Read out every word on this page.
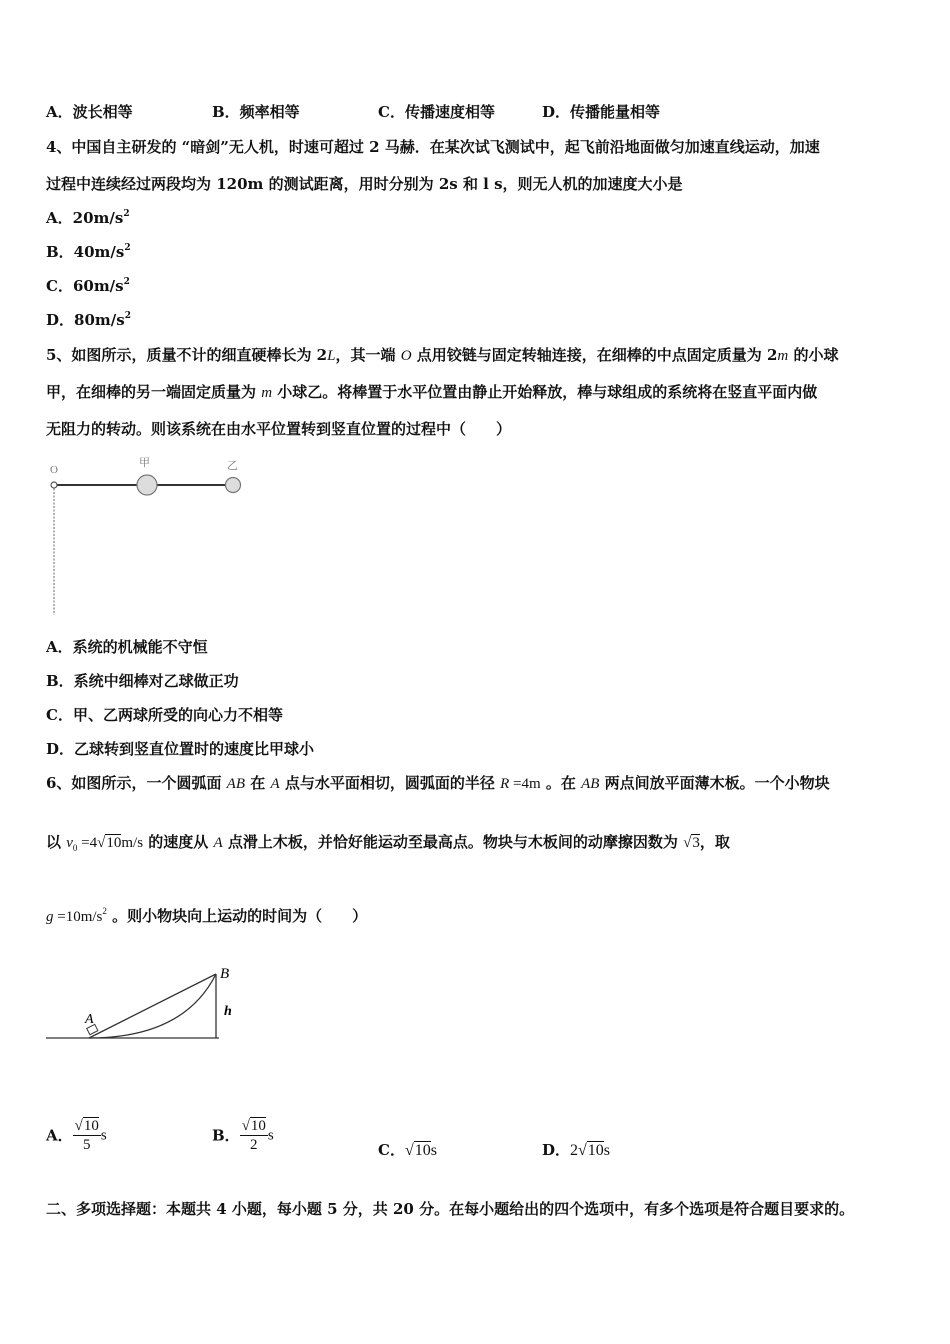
A．波长相等	B．频率相等	C．传播速度相等	D．传播能量相等
4、中国自主研发的 “暗剑”无人机，时速可超过 2 马赫．在某次试飞测试中，起飞前沿地面做匀加速直线运动，加速
过程中连续经过两段均为 120m 的测试距离，用时分别为 2s 和 l s，则无人机的加速度大小是
A．$20m/s^2$
B．$40m/s^2$
C．$60m/s^2$
D．$80m/s^2$
5、如图所示，质量不计的细直硬棒长为 2L，其一端 O 点用铰链与固定转轴连接，在细棒的中点固定质量为 2m 的小球
甲，在细棒的另一端固定质量为 m 小球乙。将棒置于水平位置由静止开始释放，棒与球组成的系统将在竖直平面内做
无阻力的转动。则该系统在由水平位置转到竖直位置的过程中（　　）
O
甲	乙
A．系统的机械能不守恒
B．系统中细棒对乙球做正功
C．甲、乙两球所受的向心力不相等
D．乙球转到竖直位置时的速度比甲球小
6、如图所示，一个圆弧面 AB 在 A 点与水平面相切，圆弧面的半径 R =4m 。在 AB 两点间放平面薄木板。一个小物块
以 $v_0 =4√10m/s$ 的速度从 A 点滑上木板，并恰好能运动至最高点。物块与木板间的动摩擦因数为 √3，取
$g =10m/s^2$ 。则小物块向上运动的时间为（　　）
A
B
h
A． $\frac{√10}{5}$ s	B． $\frac{√10}{2}$ s
C．√10s	D．2√10s
二、多项选择题：本题共 4 小题，每小题 5 分，共 20 分。在每小题给出的四个选项中，有多个选项是符合题目要求的。
